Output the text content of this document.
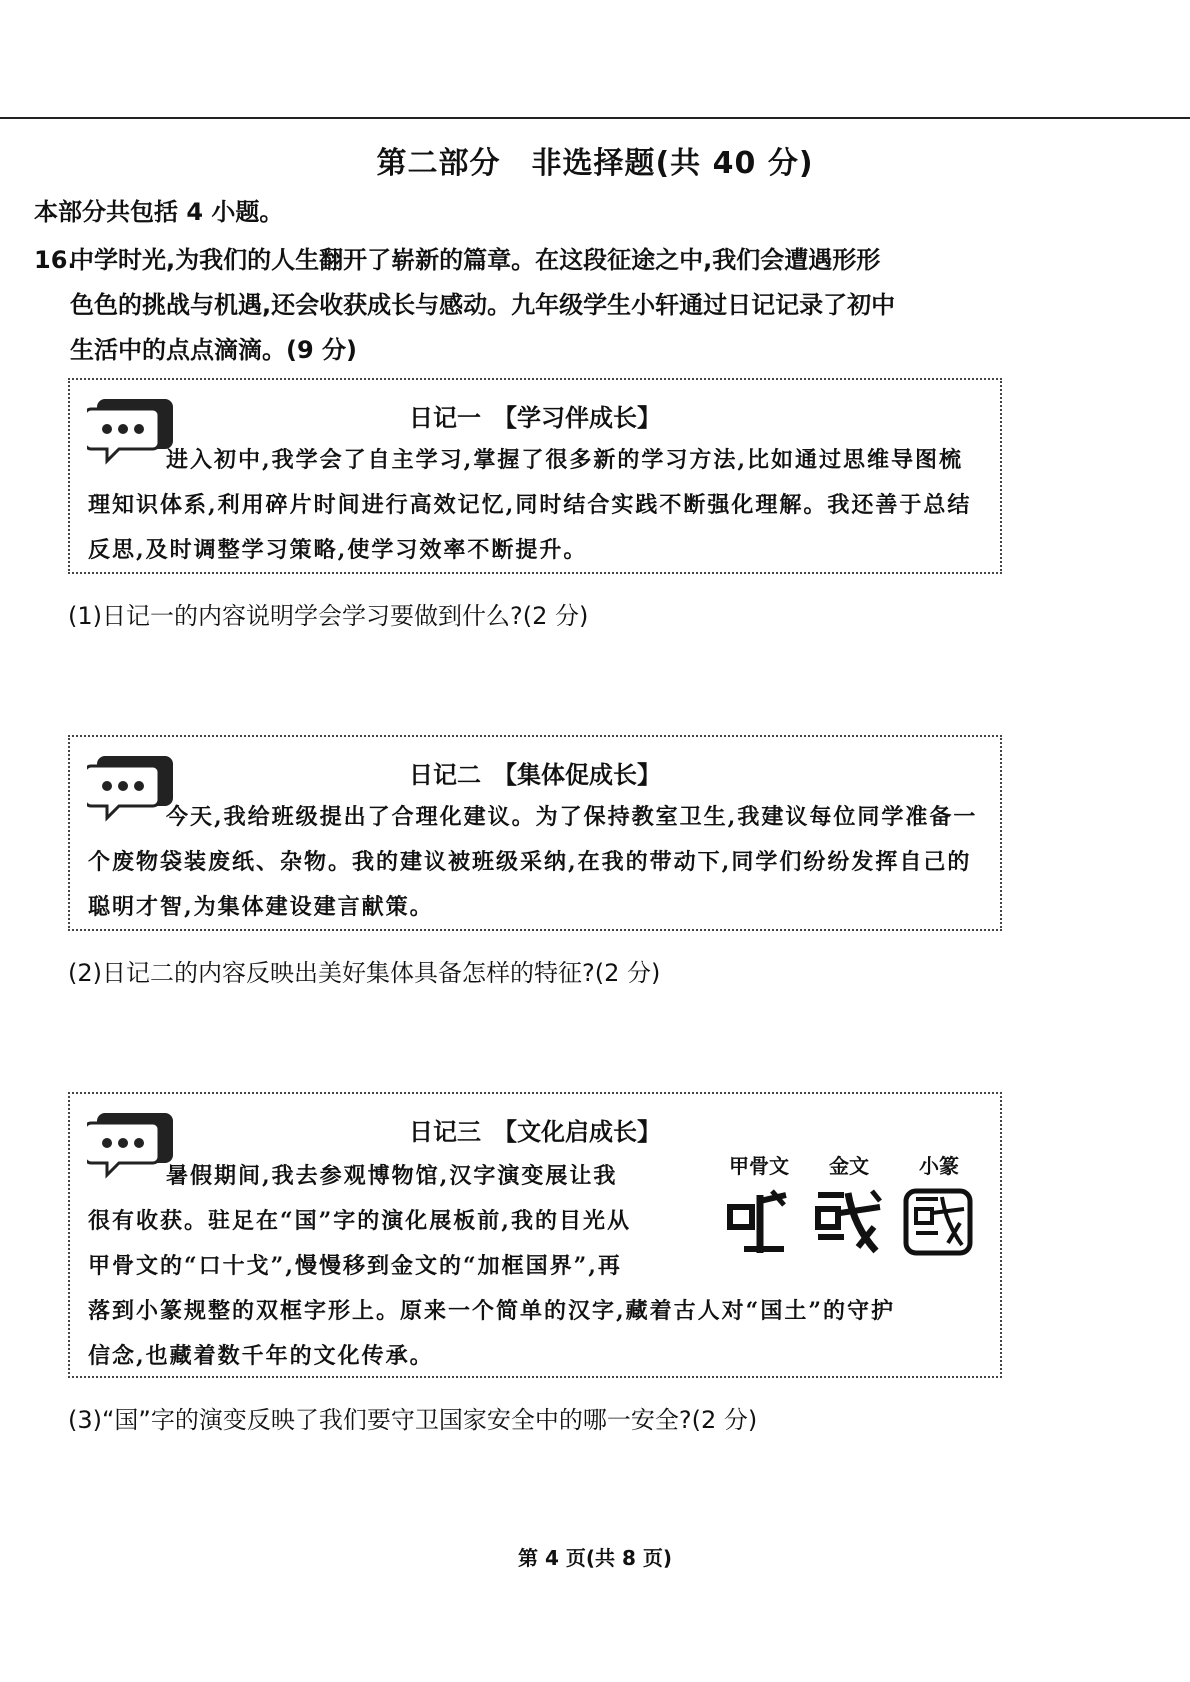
第二部分　非选择题(共 40 分)
本部分共包括 4 小题。
16.中学时光,为我们的人生翻开了崭新的篇章。在这段征途之中,我们会遭遇形形
色色的挑战与机遇,还会收获成长与感动。九年级学生小轩通过日记记录了初中
生活中的点点滴滴。(9 分)
日记一　【学习伴成长】
进入初中,我学会了自主学习,掌握了很多新的学习方法,比如通过思维导图梳理知识体系,利用碎片时间进行高效记忆,同时结合实践不断强化理解。我还善于总结反思,及时调整学习策略,使学习效率不断提升。
(1)日记一的内容说明学会学习要做到什么?(2 分)
日记二　【集体促成长】
今天,我给班级提出了合理化建议。为了保持教室卫生,我建议每位同学准备一个废物袋装废纸、杂物。我的建议被班级采纳,在我的带动下,同学们纷纷发挥自己的聪明才智,为集体建设建言献策。
(2)日记二的内容反映出美好集体具备怎样的特征?(2 分)
日记三　【文化启成长】
暑假期间,我去参观博物馆,汉字演变展让我
很有收获。驻足在“国”字的演化展板前,我的目光从
甲骨文的“口十戈”,慢慢移到金文的“加框国界”,再
落到小篆规整的双框字形上。原来一个简单的汉字,藏着古人对“国土”的守护
信念,也藏着数千年的文化传承。
甲骨文	金文	小篆
(3)“国”字的演变反映了我们要守卫国家安全中的哪一安全?(2 分)
第 4 页(共 8 页)
